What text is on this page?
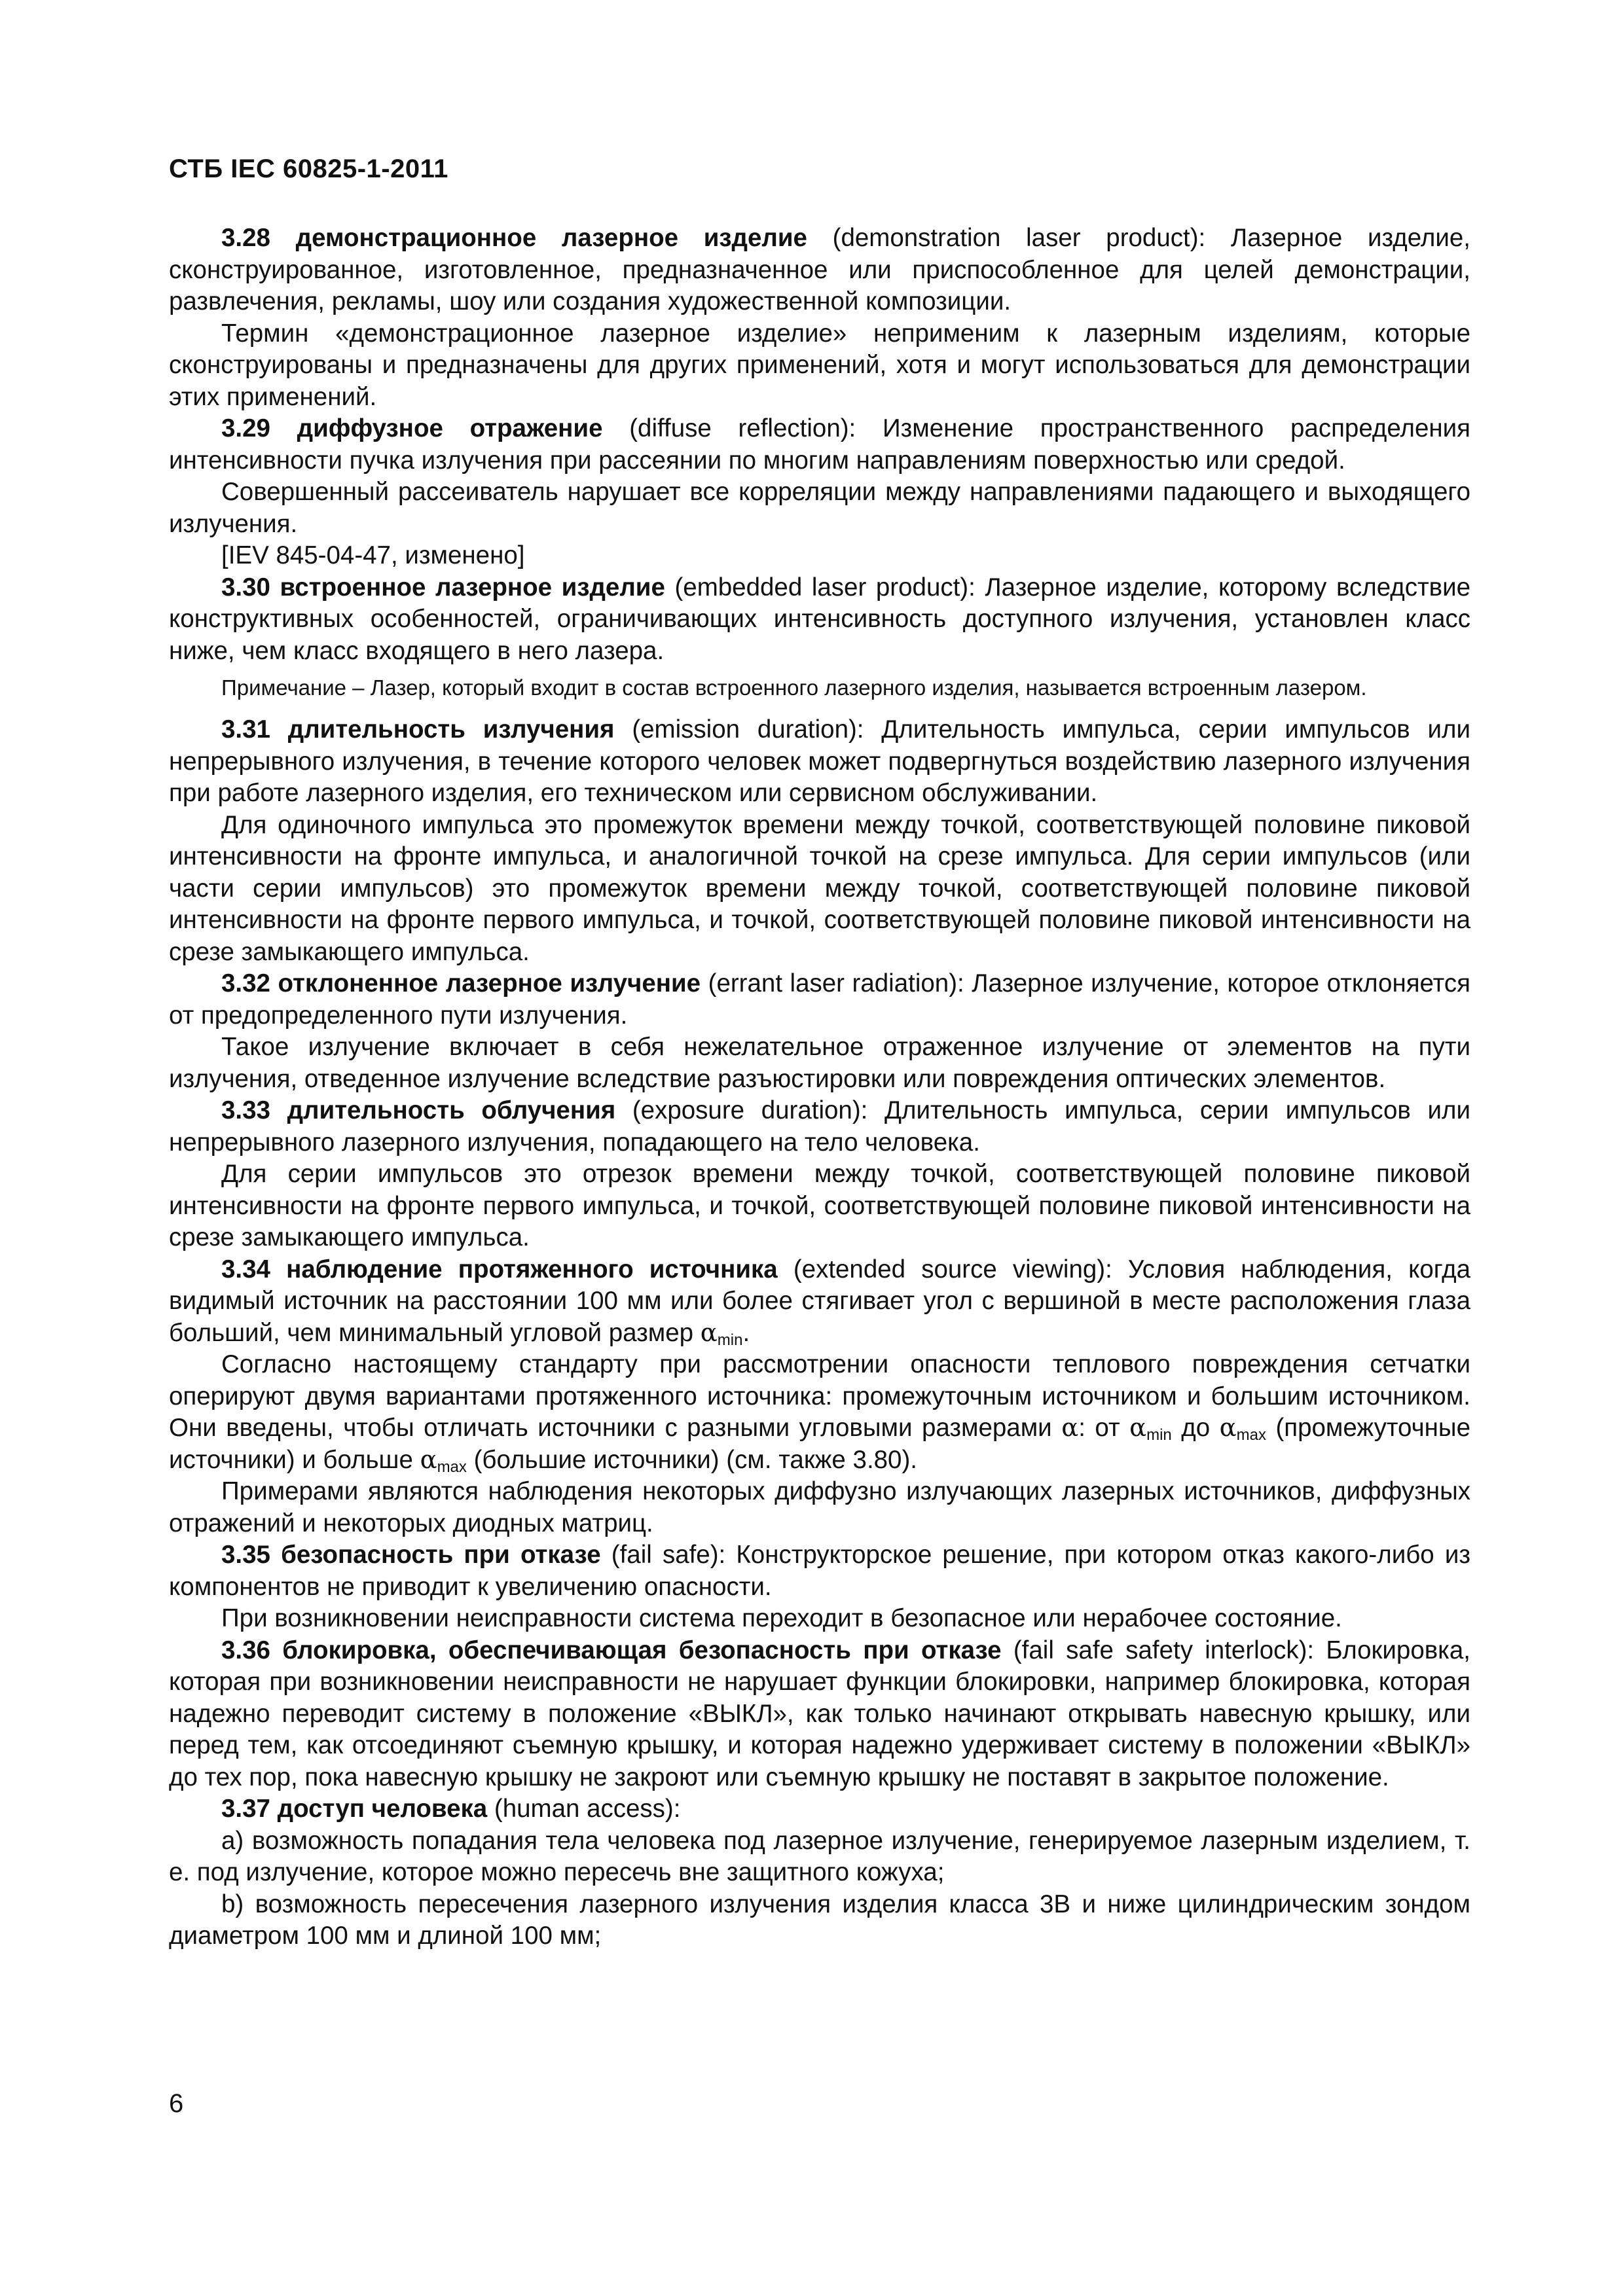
СТБ IEC 60825-1-2011

3.28 демонстрационное лазерное изделие (demonstration laser product): Лазерное изделие, сконструированное, изготовленное, предназначенное или приспособленное для целей демонстрации, развлечения, рекламы, шоу или создания художественной композиции.

Термин «демонстрационное лазерное изделие» неприменим к лазерным изделиям, которые сконструированы и предназначены для других применений, хотя и могут использоваться для демонстрации этих применений.

3.29 диффузное отражение (diffuse reflection): Изменение пространственного распределения интенсивности пучка излучения при рассеянии по многим направлениям поверхностью или средой.

Совершенный рассеиватель нарушает все корреляции между направлениями падающего и выходящего излучения.

[IEV 845-04-47, изменено]

3.30 встроенное лазерное изделие (embedded laser product): Лазерное изделие, которому вследствие конструктивных особенностей, ограничивающих интенсивность доступного излучения, установлен класс ниже, чем класс входящего в него лазера.

Примечание – Лазер, который входит в состав встроенного лазерного изделия, называется встроенным лазером.

3.31 длительность излучения (emission duration): Длительность импульса, серии импульсов или непрерывного излучения, в течение которого человек может подвергнуться воздействию лазерного излучения при работе лазерного изделия, его техническом или сервисном обслуживании.

Для одиночного импульса это промежуток времени между точкой, соответствующей половине пиковой интенсивности на фронте импульса, и аналогичной точкой на срезе импульса. Для серии импульсов (или части серии импульсов) это промежуток времени между точкой, соответствующей половине пиковой интенсивности на фронте первого импульса, и точкой, соответствующей половине пиковой интенсивности на срезе замыкающего импульса.

3.32 отклоненное лазерное излучение (errant laser radiation): Лазерное излучение, которое отклоняется от предопределенного пути излучения.

Такое излучение включает в себя нежелательное отраженное излучение от элементов на пути излучения, отведенное излучение вследствие разъюстировки или повреждения оптических элементов.

3.33 длительность облучения (exposure duration): Длительность импульса, серии импульсов или непрерывного лазерного излучения, попадающего на тело человека.

Для серии импульсов это отрезок времени между точкой, соответствующей половине пиковой интенсивности на фронте первого импульса, и точкой, соответствующей половине пиковой интенсивности на срезе замыкающего импульса.

3.34 наблюдение протяженного источника (extended source viewing): Условия наблюдения, когда видимый источник на расстоянии 100 мм или более стягивает угол с вершиной в месте расположения глаза больший, чем минимальный угловой размер $\alpha_{min}$.

Согласно настоящему стандарту при рассмотрении опасности теплового повреждения сетчатки оперируют двумя вариантами протяженного источника: промежуточным источником и большим источником. Они введены, чтобы отличать источники с разными угловыми размерами α: от $\alpha_{min}$ до $\alpha_{max}$ (промежуточные источники) и больше $\alpha_{max}$ (большие источники) (см. также 3.80).

Примерами являются наблюдения некоторых диффузно излучающих лазерных источников, диффузных отражений и некоторых диодных матриц.

3.35 безопасность при отказе (fail safe): Конструкторское решение, при котором отказ какого-либо из компонентов не приводит к увеличению опасности.

При возникновении неисправности система переходит в безопасное или нерабочее состояние.

3.36 блокировка, обеспечивающая безопасность при отказе (fail safe safety interlock): Блокировка, которая при возникновении неисправности не нарушает функции блокировки, например блокировка, которая надежно переводит систему в положение «ВЫКЛ», как только начинают открывать навесную крышку, или перед тем, как отсоединяют съемную крышку, и которая надежно удерживает систему в положении «ВЫКЛ» до тех пор, пока навесную крышку не закроют или съемную крышку не поставят в закрытое положение.

3.37 доступ человека (human access):

a) возможность попадания тела человека под лазерное излучение, генерируемое лазерным изделием, т. е. под излучение, которое можно пересечь вне защитного кожуха;

b) возможность пересечения лазерного излучения изделия класса 3B и ниже цилиндрическим зондом диаметром 100 мм и длиной 100 мм;

6
